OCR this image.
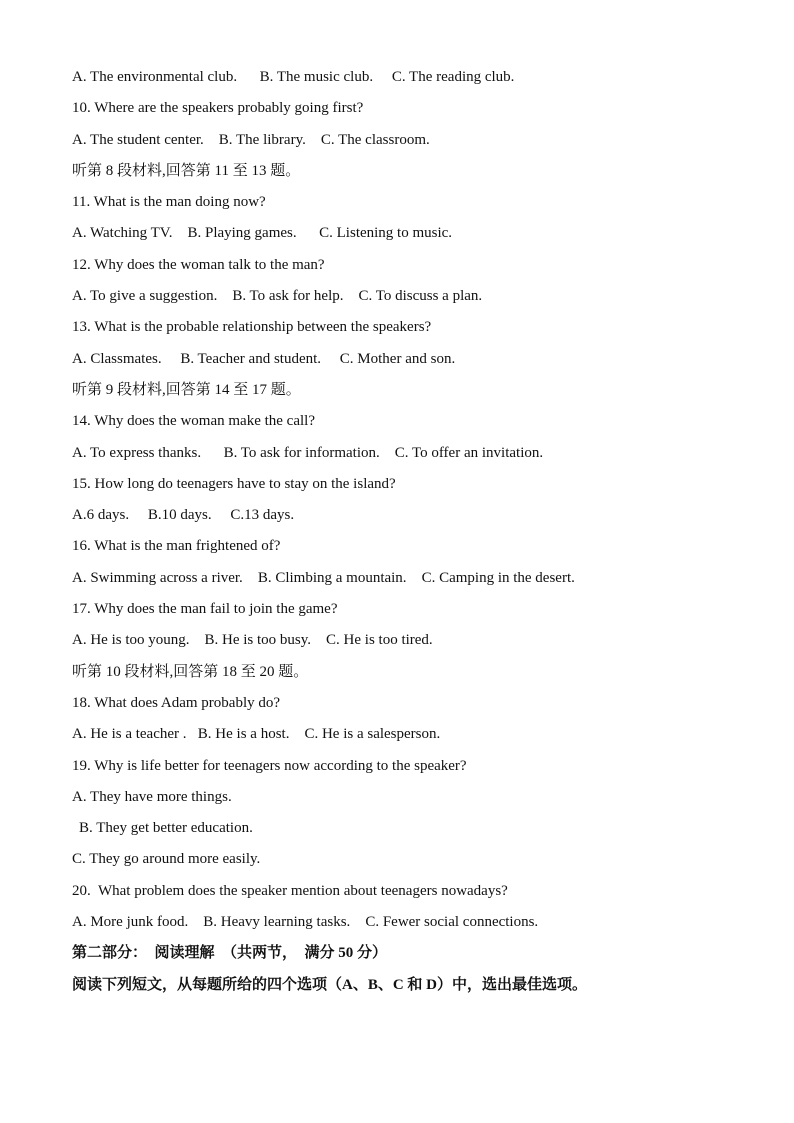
A. The environmental club. B. The music club. C. The reading club.
10. Where are the speakers probably going first?
A. The student center. B. The library. C. The classroom.
听第 8 段材料,回答第 11 至 13 题。
11. What is the man doing now?
A. Watching TV. B. Playing games. C. Listening to music.
12. Why does the woman talk to the man?
A. To give a suggestion. B. To ask for help. C. To discuss a plan.
13. What is the probable relationship between the speakers?
A. Classmates. B. Teacher and student. C. Mother and son.
听第 9 段材料,回答第 14 至 17 题。
14. Why does the woman make the call?
A. To express thanks. B. To ask for information. C. To offer an invitation.
15. How long do teenagers have to stay on the island?
A.6 days. B.10 days. C.13 days.
16. What is the man frightened of?
A. Swimming across a river. B. Climbing a mountain. C. Camping in the desert.
17. Why does the man fail to join the game?
A. He is too young. B. He is too busy. C. He is too tired.
听第 10 段材料,回答第 18 至 20 题。
18. What does Adam probably do?
A. He is a teacher . B. He is a host. C. He is a salesperson.
19. Why is life better for teenagers now according to the speaker?
A. They have more things.
B. They get better education.
C. They go around more easily.
20.  What problem does the speaker mention about teenagers nowadays?
A. More junk food. B. Heavy learning tasks. C. Fewer social connections.
第二部分：  阅读理解  （共两节，  满分 50 分）
阅读下列短文，从每题所给的四个选项（A、B、C 和 D）中，选出最佳选项。
